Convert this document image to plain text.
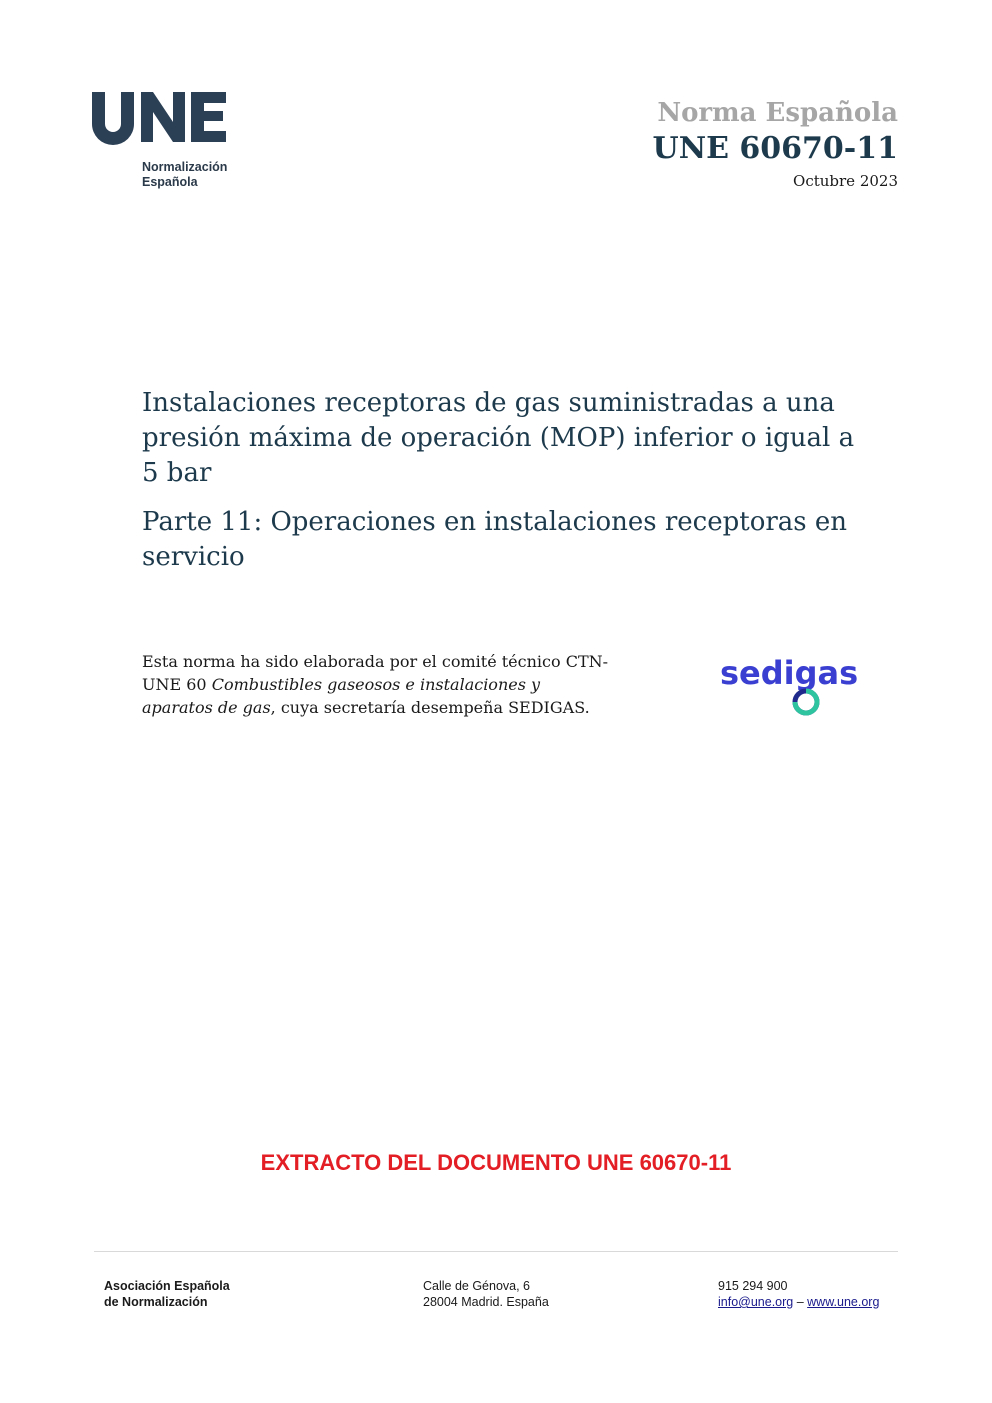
Normalización
Española
Norma Española
UNE 60670-11
Octubre 2023
Instalaciones receptoras de gas suministradas a una presión máxima de operación (MOP) inferior o igual a 5 bar
Parte 11: Operaciones en instalaciones receptoras en servicio
Esta norma ha sido elaborada por el comité técnico CTN-UNE 60 Combustibles gaseosos e instalaciones y aparatos de gas, cuya secretaría desempeña SEDIGAS.
sedigas
EXTRACTO DEL DOCUMENTO UNE 60670-11
Asociación Española
de Normalización
Calle de Génova, 6
28004 Madrid. España
915 294 900
info@une.org – www.une.org
